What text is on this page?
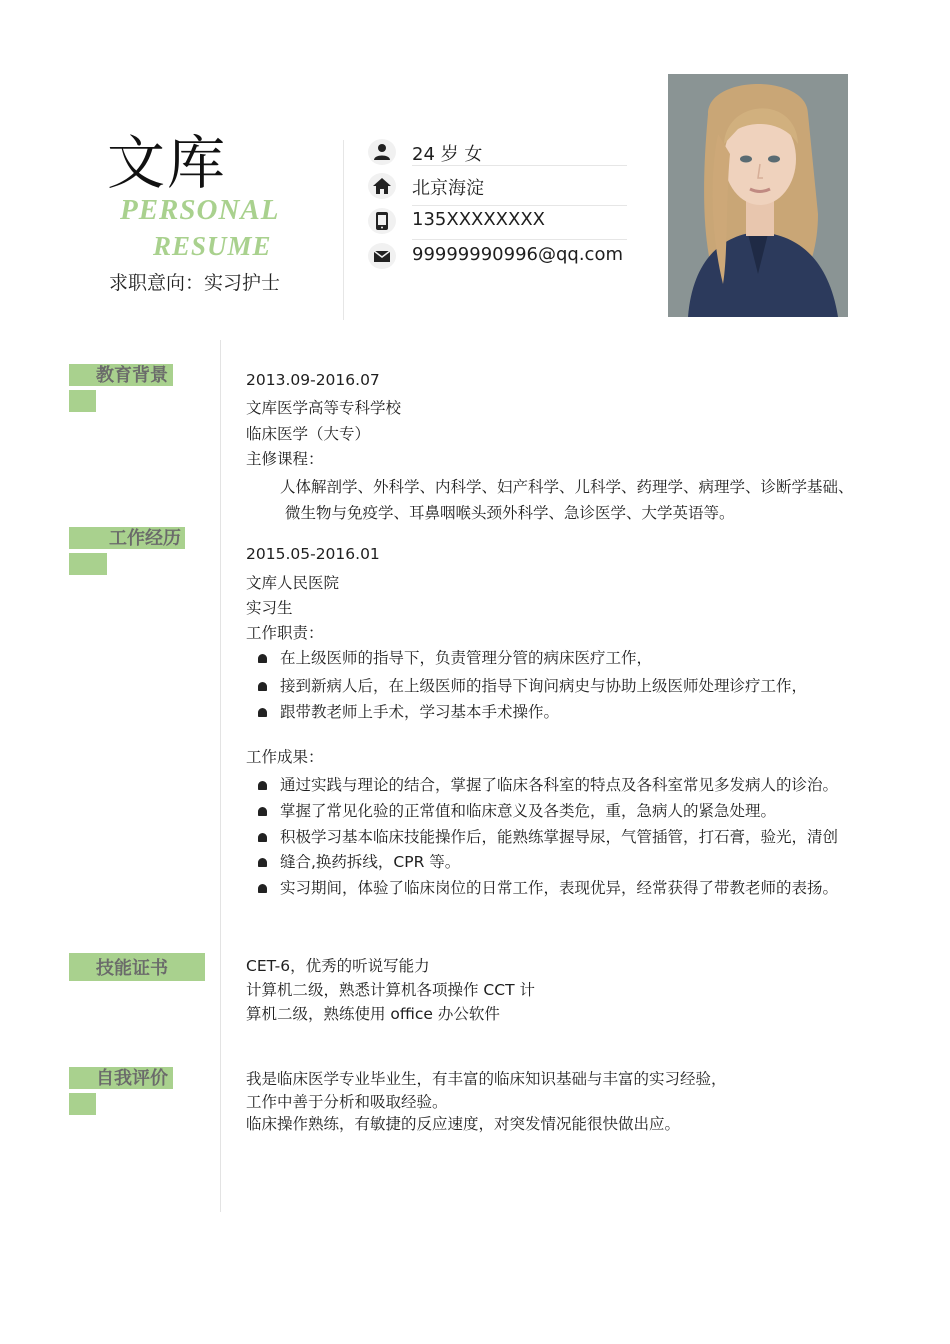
文库
PERSONAL
RESUME
求职意向：实习护士
24 岁 女
北京海淀
135XXXXXXXX
99999990996@qq.com
教育背景	2013.09-2016.07
文库医学高等专科学校
临床医学（大专）
主修课程：
人体解剖学、外科学、内科学、妇产科学、儿科学、药理学、病理学、诊断学基础、
微生物与免疫学、耳鼻咽喉头颈外科学、急诊医学、大学英语等。
工作经历
2015.05-2016.01
文库人民医院
实习生
工作职责：
在上级医师的指导下，负责管理分管的病床医疗工作，
接到新病人后，在上级医师的指导下询问病史与协助上级医师处理诊疗工作，
跟带教老师上手术，学习基本手术操作。
工作成果：
通过实践与理论的结合，掌握了临床各科室的特点及各科室常见多发病人的诊治。
掌握了常见化验的正常值和临床意义及各类危，重，急病人的紧急处理。
积极学习基本临床技能操作后，能熟练掌握导尿，气管插管，打石膏，验光，清创
缝合,换药拆线，CPR 等。
实习期间，体验了临床岗位的日常工作，表现优异，经常获得了带教老师的表扬。
技能证书	CET-6，优秀的听说写能力
计算机二级，熟悉计算机各项操作 CCT 计
算机二级，熟练使用 office 办公软件
自我评价	我是临床医学专业毕业生，有丰富的临床知识基础与丰富的实习经验，
工作中善于分析和吸取经验。
临床操作熟练，有敏捷的反应速度，对突发情况能很快做出应。
